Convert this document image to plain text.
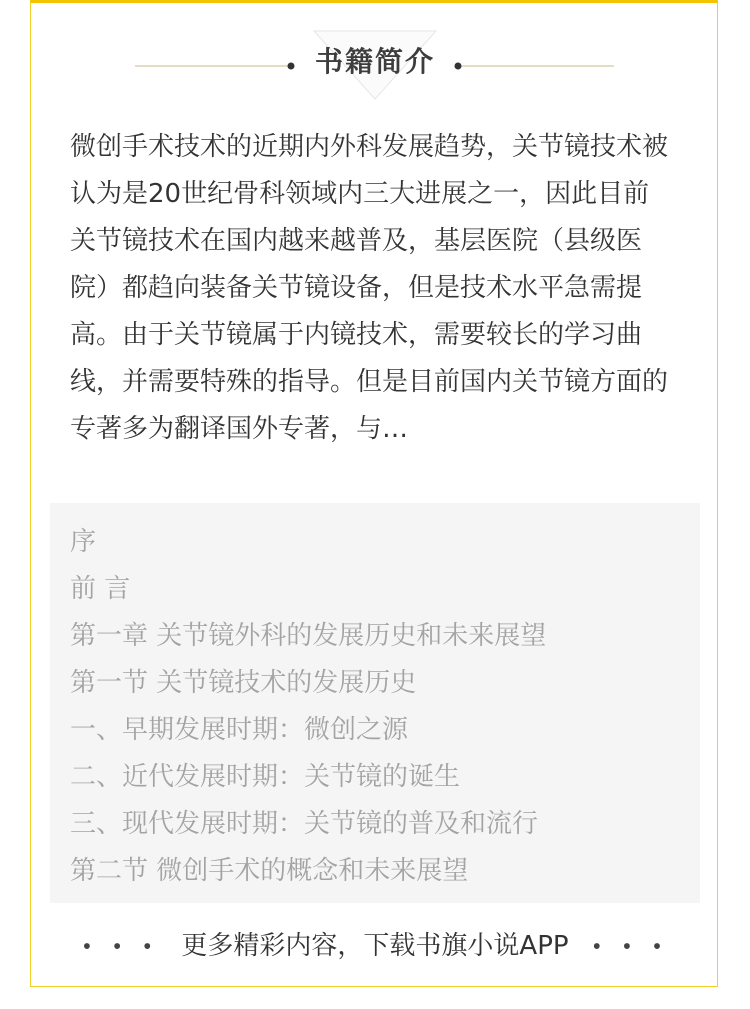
书籍简介
微创手术技术的近期内外科发展趋势，关节镜技术被认为是20世纪骨科领域内三大进展之一，因此目前关节镜技术在国内越来越普及，基层医院（县级医院）都趋向装备关节镜设备，但是技术水平急需提高。由于关节镜属于内镜技术，需要较长的学习曲线，并需要特殊的指导。但是目前国内关节镜方面的专著多为翻译国外专著，与…
序
前 言
第一章 关节镜外科的发展历史和未来展望
第一节 关节镜技术的发展历史
一、早期发展时期：微创之源
二、近代发展时期：关节镜的诞生
三、现代发展时期：关节镜的普及和流行
第二节 微创手术的概念和未来展望
• • • 更多精彩内容，下载书旗小说APP • • •
